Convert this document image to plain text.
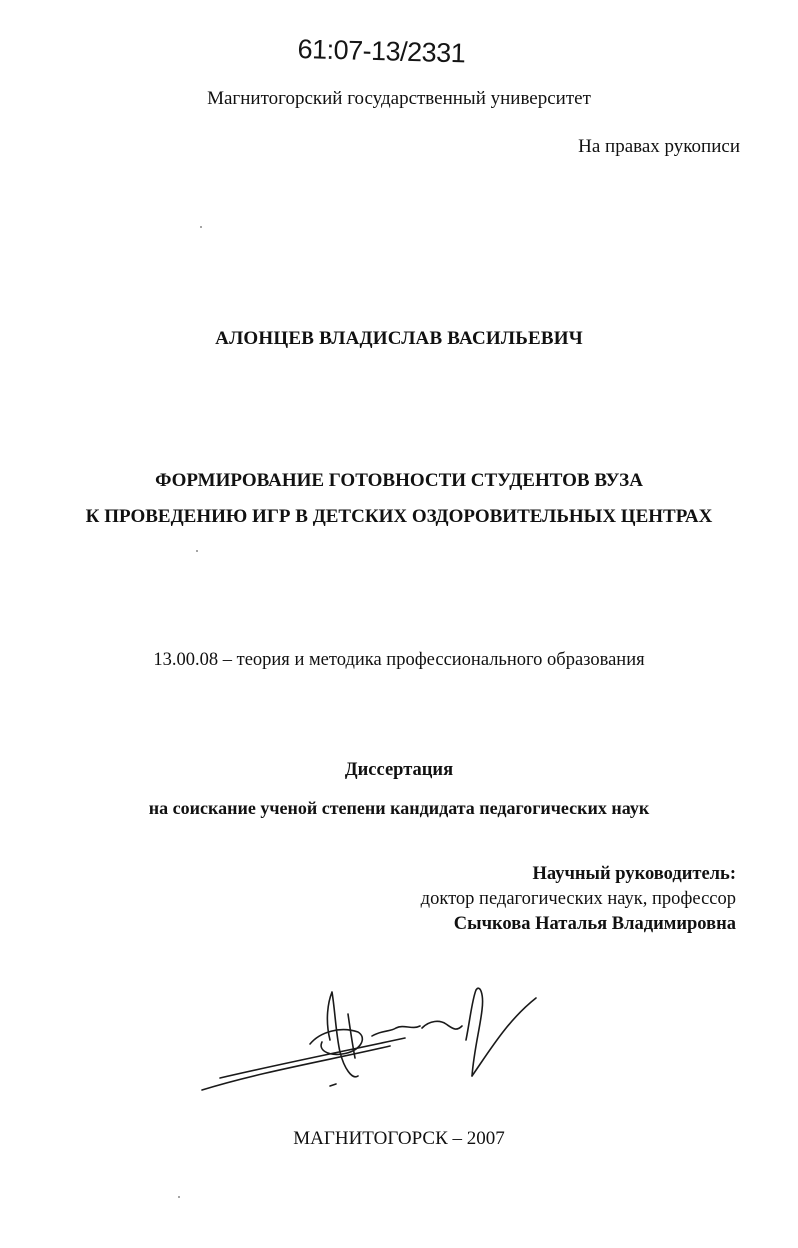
61:07-13/2331
Магнитогорский государственный университет
На правах рукописи
АЛОНЦЕВ ВЛАДИСЛАВ ВАСИЛЬЕВИЧ
ФОРМИРОВАНИЕ ГОТОВНОСТИ СТУДЕНТОВ ВУЗА
К ПРОВЕДЕНИЮ ИГР В ДЕТСКИХ ОЗДОРОВИТЕЛЬНЫХ ЦЕНТРАХ
13.00.08 – теория и методика профессионального образования
Диссертация
на соискание ученой степени кандидата педагогических наук
Научный руководитель:
доктор педагогических наук, профессор
Сычкова Наталья Владимировна
МАГНИТОГОРСК – 2007
